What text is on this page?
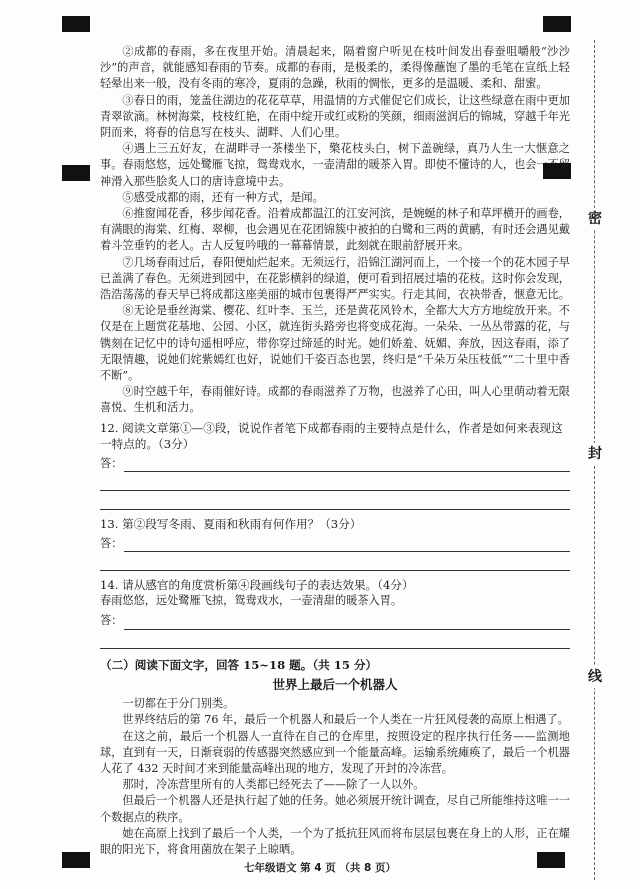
密
封
线

②成都的春雨，多在夜里开始。清晨起来，隔着窗户听见在枝叶间发出春蚕咀嚼般“沙沙沙”的声音，就能感知春雨的节奏。成都的春雨，是极柔的，柔得像蘸饱了墨的毛笔在宣纸上轻轻晕出来一般，没有冬雨的寒冷，夏雨的急躁，秋雨的惆怅，更多的是温暖、柔和、甜蜜。

③春日的雨，笼盖住湖边的花花草草，用温情的方式催促它们成长，让这些绿意在雨中更加青翠欲滴。林树海棠，枝枝红艳，在雨中绽开或红或粉的笑颜，细雨滋润后的锦城，穿越千年光阴而来，将春的信息写在枝头、湖畔、人们心里。

④遇上三五好友，在湖畔寻一茶楼坐下，檠花枝头白，树下盖碗绿，真乃人生一大惬意之事。春雨悠悠，远处鹭雁飞掠，鸳鸯戏水，一壶清甜的暖茶入胃。即使不懂诗的人，也会一不留神滑入那些脍炙人口的唐诗意境中去。

⑤感受成都的雨，还有一种方式，是闻。

⑥推窗闻花香，移步闻花香。沿着成都温江的江安河滨，是婉蜒的林子和草坪横开的画卷，有满眼的海棠、红梅、翠柳，也会遇见在花团锦簇中被拍的白鹭和三两的黄鹂，有时还会遇见戴着斗笠垂钓的老人。古人反复吟哦的一幕幕情景，此刻就在眼前舒展开来。

⑦几场春雨过后，春阳便灿烂起来。无须远行，沿锦江湖河而上，一个接一个的花木园子早已盖满了春色。无须进到园中，在花影横斜的绿道，便可看到招展过墙的花枝。这时你会发现，浩浩荡荡的春天早已将成都这座美丽的城市包裹得严严实实。行走其间，衣袂带香，惬意无比。

⑧无论是垂丝海棠、樱花、红叶李、玉兰，还是黄花风铃木，全都大大方方地绽放开来。不仅是在上题赏花基地、公园、小区，就连街头路旁也将变成花海。一朵朵、一丛丛带露的花，与镌刻在记忆中的诗句遥相呼应，带你穿过缔延的时光。她们娇羞、妩媚、奔放，因这春雨，添了无限情趣，说她们姹紫嫣红也好，说她们千姿百态也罢，终归是“千朵万朵压枝低”“二十里中香不断”。

⑨时空越千年，春雨催好诗。成都的春雨滋养了万物，也滋养了心田，叫人心里萌动着无限喜悦、生机和活力。

12. 阅读文章第①—③段，说说作者笔下成都春雨的主要特点是什么，作者是如何来表现这一特点的。（3分）

答：

13. 第②段写冬雨、夏雨和秋雨有何作用？（3分）

答：

14. 请从感官的角度赏析第④段画线句子的表达效果。（4分）

春雨悠悠，远处鹭雁飞掠，鸳鸯戏水，一壶清甜的暖茶入胃。

答：

（二）阅读下面文字，回答 15~18 题。（共 15 分）

世界上最后一个机器人

一切都在于分门别类。

世界终结后的第 76 年，最后一个机器人和最后一个人类在一片狂风侵袭的高原上相遇了。

在这之前，最后一个机器人一直待在自己的仓库里，按照设定的程序执行任务——监测地球，直到有一天，日渐衰弱的传感器突然感应到一个能量高峰。运输系统瘫痪了，最后一个机器人花了 432 天时间才来到能量高峰出现的地方，发现了开封的冷冻营。

那时，冷冻营里所有的人类都已经死去了——除了一人以外。

但最后一个机器人还是执行起了她的任务。她必须展开统计调查，尽自己所能维持这唯一一个数据点的秩序。

她在高原上找到了最后一个人类，一个为了抵抗狂风而将布层层包裹在身上的人形，正在耀眼的阳光下，将食用菌放在架子上晾晒。

七年级语文 第 4 页 （共 8 页）
